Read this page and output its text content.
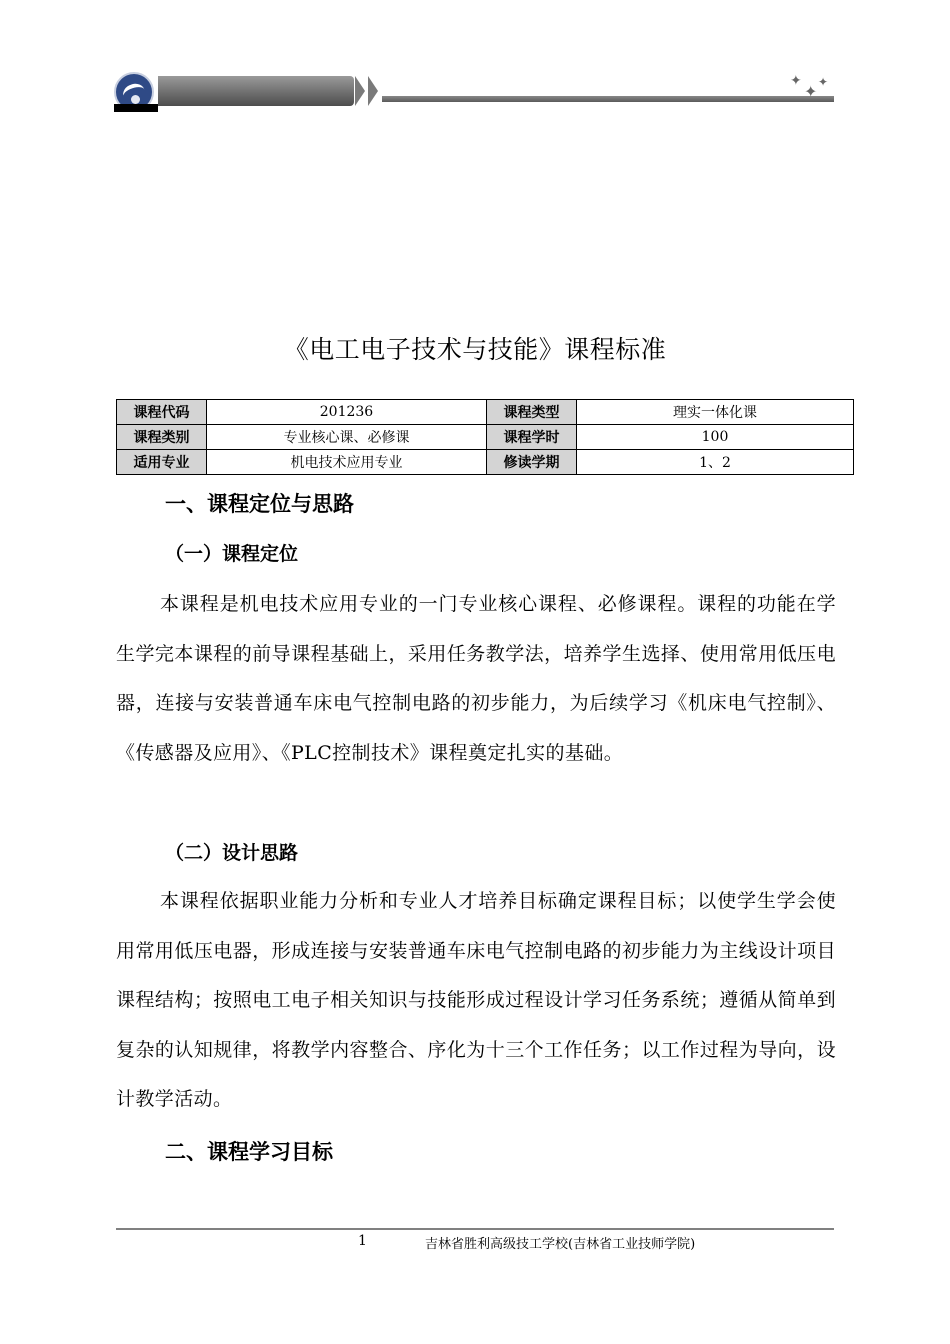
✦
✦ ✦
《电工电子技术与技能》课程标准
课程代码	201236	课程类型	理实一体化课
课程类别	专业核心课、必修课	课程学时	100
适用专业	机电技术应用专业	修读学期	1、2
一、课程定位与思路
（一）课程定位

本课程是机电技术应用专业的一门专业核心课程、必修课程。课程的功能在学生学完本课程的前导课程基础上，采用任务教学法，培养学生选择、使用常用低压电器，连接与安装普通车床电气控制电路的初步能力，为后续学习《机床电气控制》、《传感器及应用》、《PLC控制技术》课程奠定扎实的基础。

（二）设计思路

本课程依据职业能力分析和专业人才培养目标确定课程目标；以使学生学会使用常用低压电器，形成连接与安装普通车床电气控制电路的初步能力为主线设计项目课程结构；按照电工电子相关知识与技能形成过程设计学习任务系统；遵循从简单到复杂的认知规律，将教学内容整合、序化为十三个工作任务；以工作过程为导向，设计教学活动。

二、课程学习目标
1	吉林省胜利高级技工学校(吉林省工业技师学院)
